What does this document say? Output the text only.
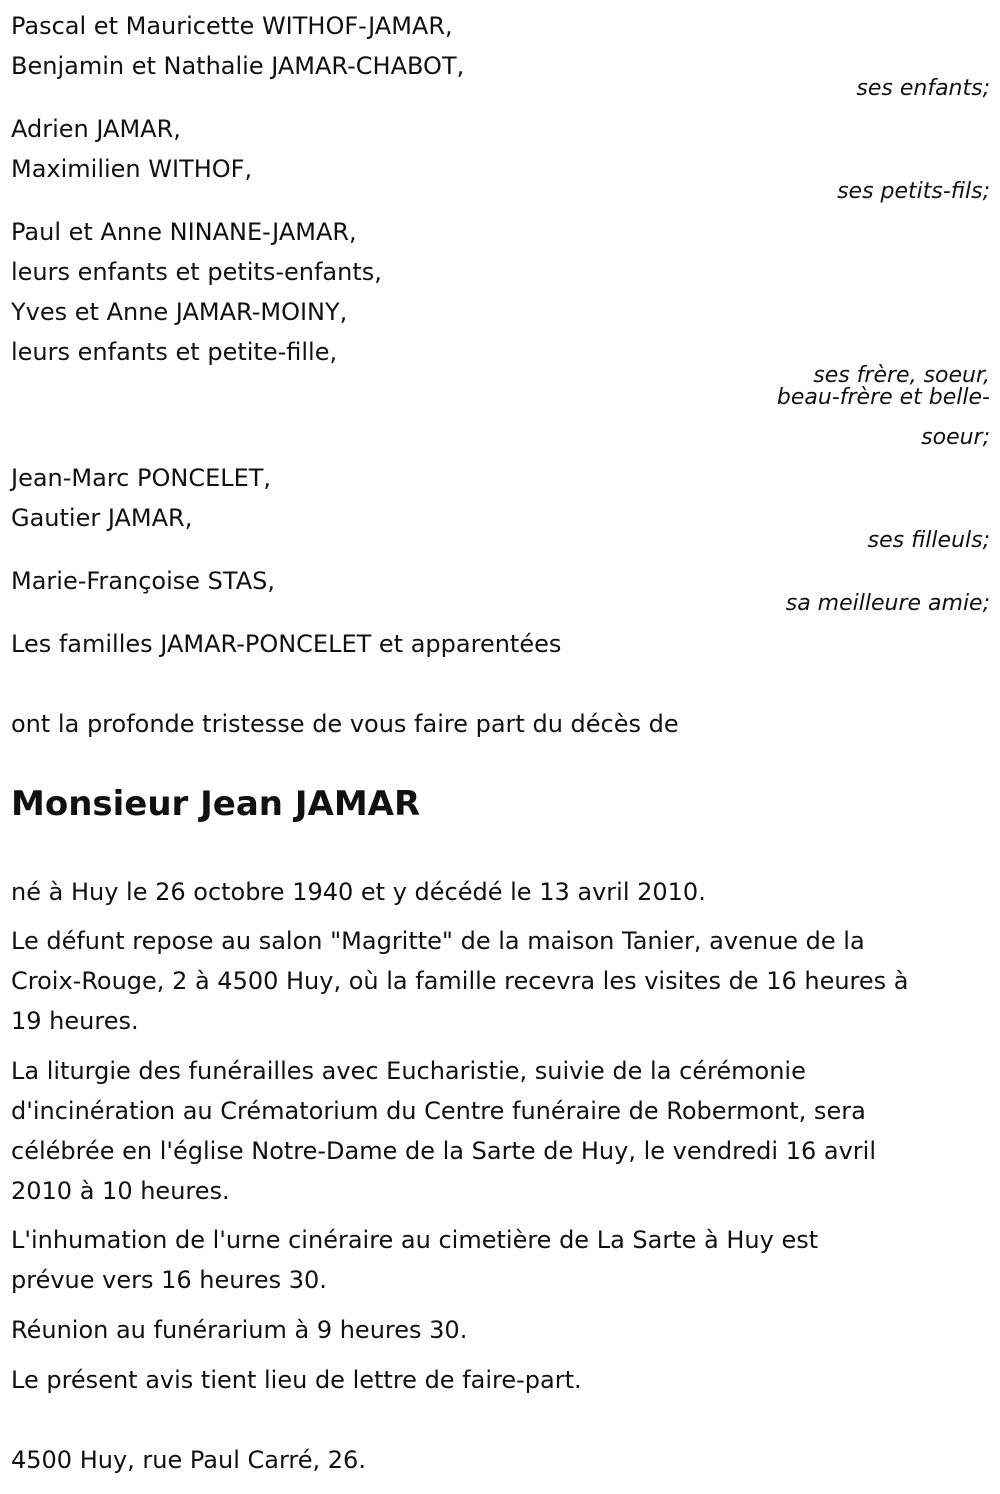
Pascal et Mauricette WITHOF-JAMAR,
Benjamin et Nathalie JAMAR-CHABOT,
ses enfants;
Adrien JAMAR,
Maximilien WITHOF,
ses petits-fils;
Paul et Anne NINANE-JAMAR,
leurs enfants et petits-enfants,
Yves et Anne JAMAR-MOINY,
leurs enfants et petite-fille,
ses frère, soeur,
beau-frère et belle-
soeur;
Jean-Marc PONCELET,
Gautier JAMAR,
ses filleuls;
Marie-Françoise STAS,
sa meilleure amie;
Les familles JAMAR-PONCELET et apparentées
ont la profonde tristesse de vous faire part du décès de
Monsieur Jean JAMAR
né à Huy le 26 octobre 1940 et y décédé le 13 avril 2010.
Le défunt repose au salon "Magritte" de la maison Tanier, avenue de la
Croix-Rouge, 2 à 4500 Huy, où la famille recevra les visites de 16 heures à
19 heures.
La liturgie des funérailles avec Eucharistie, suivie de la cérémonie
d'incinération au Crématorium du Centre funéraire de Robermont, sera
célébrée en l'église Notre-Dame de la Sarte de Huy, le vendredi 16 avril
2010 à 10 heures.
L'inhumation de l'urne cinéraire au cimetière de La Sarte à Huy est
prévue vers 16 heures 30.
Réunion au funérarium à 9 heures 30.
Le présent avis tient lieu de lettre de faire-part.
4500 Huy, rue Paul Carré, 26.
